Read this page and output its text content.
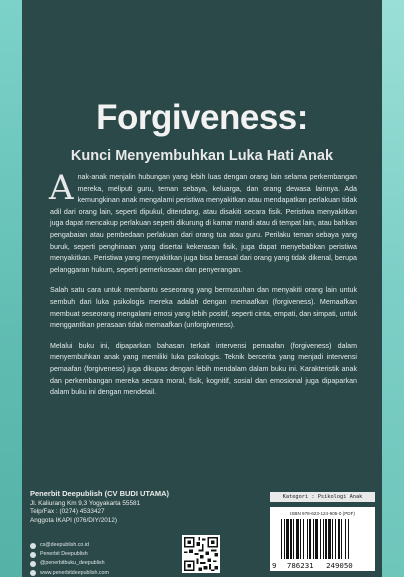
Forgiveness:
Kunci Menyembuhkan Luka Hati Anak

Anak-anak menjalin hubungan yang lebih luas dengan orang lain selama perkembangan mereka, meliputi guru, teman sebaya, keluarga, dan orang dewasa lainnya. Ada kemungkinan anak mengalami peristiwa menyakitkan atau mendapatkan perlakuan tidak adil dari orang lain, seperti dipukul, ditendang, atau disakiti secara fisik. Peristiwa menyakitkan juga dapat mencakup perlakuan seperti dikurung di kamar mandi atau di tempat lain, atau bahkan pengabaian atau pembedaan perlakuan dari orang tua atau guru. Perilaku teman sebaya yang buruk, seperti penghinaan yang disertai kekerasan fisik, juga dapat menyebabkan peristiwa menyakitkan. Peristiwa yang menyakitkan juga bisa berasal dari orang yang tidak dikenal, berupa pelanggaran hukum, seperti pemerkosaan dan penyerangan.

Salah satu cara untuk membantu seseorang yang bermusuhan dan menyakiti orang lain untuk sembuh dari luka psikologis mereka adalah dengan memaafkan (forgiveness). Memaafkan membuat seseorang mengalami emosi yang lebih positif, seperti cinta, empati, dan simpati, untuk menggantikan perasaan tidak memaafkan (unforgiveness).

Melalui buku ini, dipaparkan bahasan terkait intervensi pemaafan (forgiveness) dalam menyembuhkan anak yang memiliki luka psikologis. Teknik bercerita yang menjadi intervensi pemaafan (forgiveness) juga dikupas dengan lebih mendalam dalam buku ini. Karakteristik anak dan perkembangan mereka secara moral, fisik, kognitif, sosial dan emosional juga dipaparkan dalam buku ini dengan mendetail.

Penerbit Deepublish (CV BUDI UTAMA)
Jl. Kaliurang Km 9,3 Yogyakarta 55581
Telp/Fax : (0274) 4533427
Anggota IKAPI (076/DIY/2012)
cs@deepublish.co.id
Penerbit Deepublish
@penerbitbuku_deepublish
www.penerbitdeepublish.com
Kategori : Psikologi Anak
ISBN 978-623-124-905-0 (PDF)
9 786231 249050
